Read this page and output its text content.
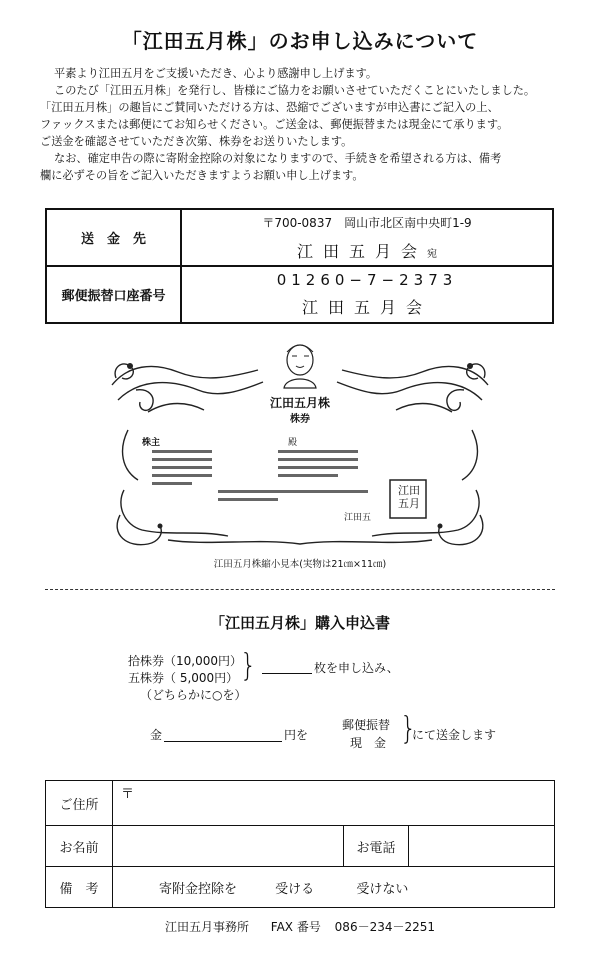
「江田五月株」のお申し込みについて
平素より江田五月をご支援いただき、心より感謝申し上げます。
このたび「江田五月株」を発行し、皆様にご協力をお願いさせていただくことにいたしました。
「江田五月株」の趣旨にご賛同いただける方は、恐縮でございますが申込書にご記入の上、
ファックスまたは郵便にてお知らせください。ご送金は、郵便振替または現金にて承ります。
ご送金を確認させていただき次第、株券をお送りいたします。
なお、確定申告の際に寄附金控除の対象になりますので、手続きを希望される方は、備考
欄に必ずその旨をご記入いただきますようお願い申し上げます。
送　金　先	〒700-0837　岡山市北区南中央町1-9
江田五月会宛

郵便振替口座番号	01260−7−2373
江田五月会
江田五月株
株券
株主	殿
江田五
江田五月
江田五月株縮小見本(実物は21㎝×11㎝)
「江田五月株」購入申込書
拾株券（10,000円）
五株券（ 5,000円）
（どちらかに○を）
}	枚を申し込み、
金	円を
郵便振替
現　金 }
にて送金します
ご住所	〒		
お名前		お電話	
備　考	寄附金控除を 受ける 受けない		
江田五月事務所 FAX 番号 086－234－2251
